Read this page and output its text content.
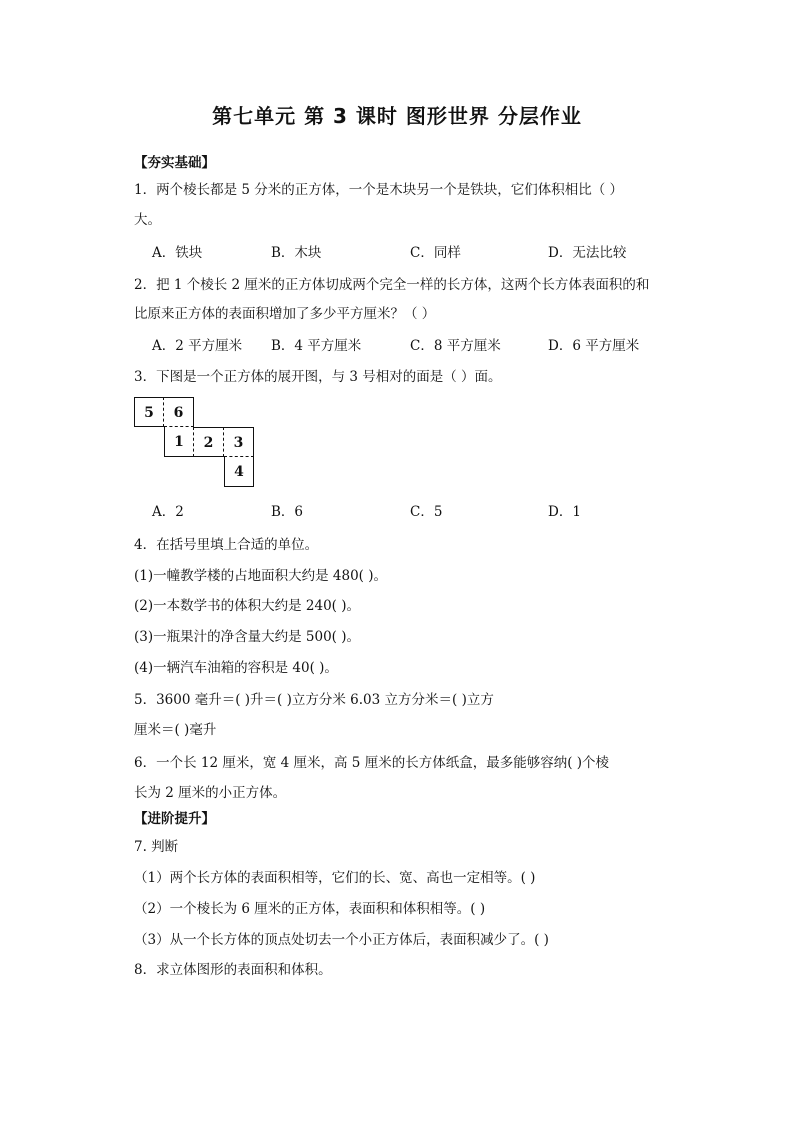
第七单元 第 3 课时 图形世界 分层作业
【夯实基础】
1．两个棱长都是 5 分米的正方体，一个是木块另一个是铁块，它们体积相比（ ）
大。
A．铁块	B．木块	C．同样	D．无法比较
2．把 1 个棱长 2 厘米的正方体切成两个完全一样的长方体，这两个长方体表面积的和
比原来正方体的表面积增加了多少平方厘米？（ ）
A．2 平方厘米 B．4 平方厘米	C．8 平方厘米	D．6 平方厘米
3．下图是一个正方体的展开图，与 3 号相对的面是（ ）面。
5	6
1	2	3
4
A．2	B．6	C．5	D．1
4．在括号里填上合适的单位。
(1)一幢教学楼的占地面积大约是 480( )。
(2)一本数学书的体积大约是 240( )。
(3)一瓶果汁的净含量大约是 500( )。
(4)一辆汽车油箱的容积是 40( )。
5．3600 毫升＝( )升＝( )立方分米 6.03 立方分米＝( )立方
厘米＝( )毫升
6．一个长 12 厘米，宽 4 厘米，高 5 厘米的长方体纸盒，最多能够容纳( )个棱
长为 2 厘米的小正方体。
【进阶提升】
7. 判断
（1）两个长方体的表面积相等，它们的长、宽、高也一定相等。( )
（2）一个棱长为 6 厘米的正方体，表面积和体积相等。( )
（3）从一个长方体的顶点处切去一个小正方体后，表面积减少了。( )
8．求立体图形的表面积和体积。
